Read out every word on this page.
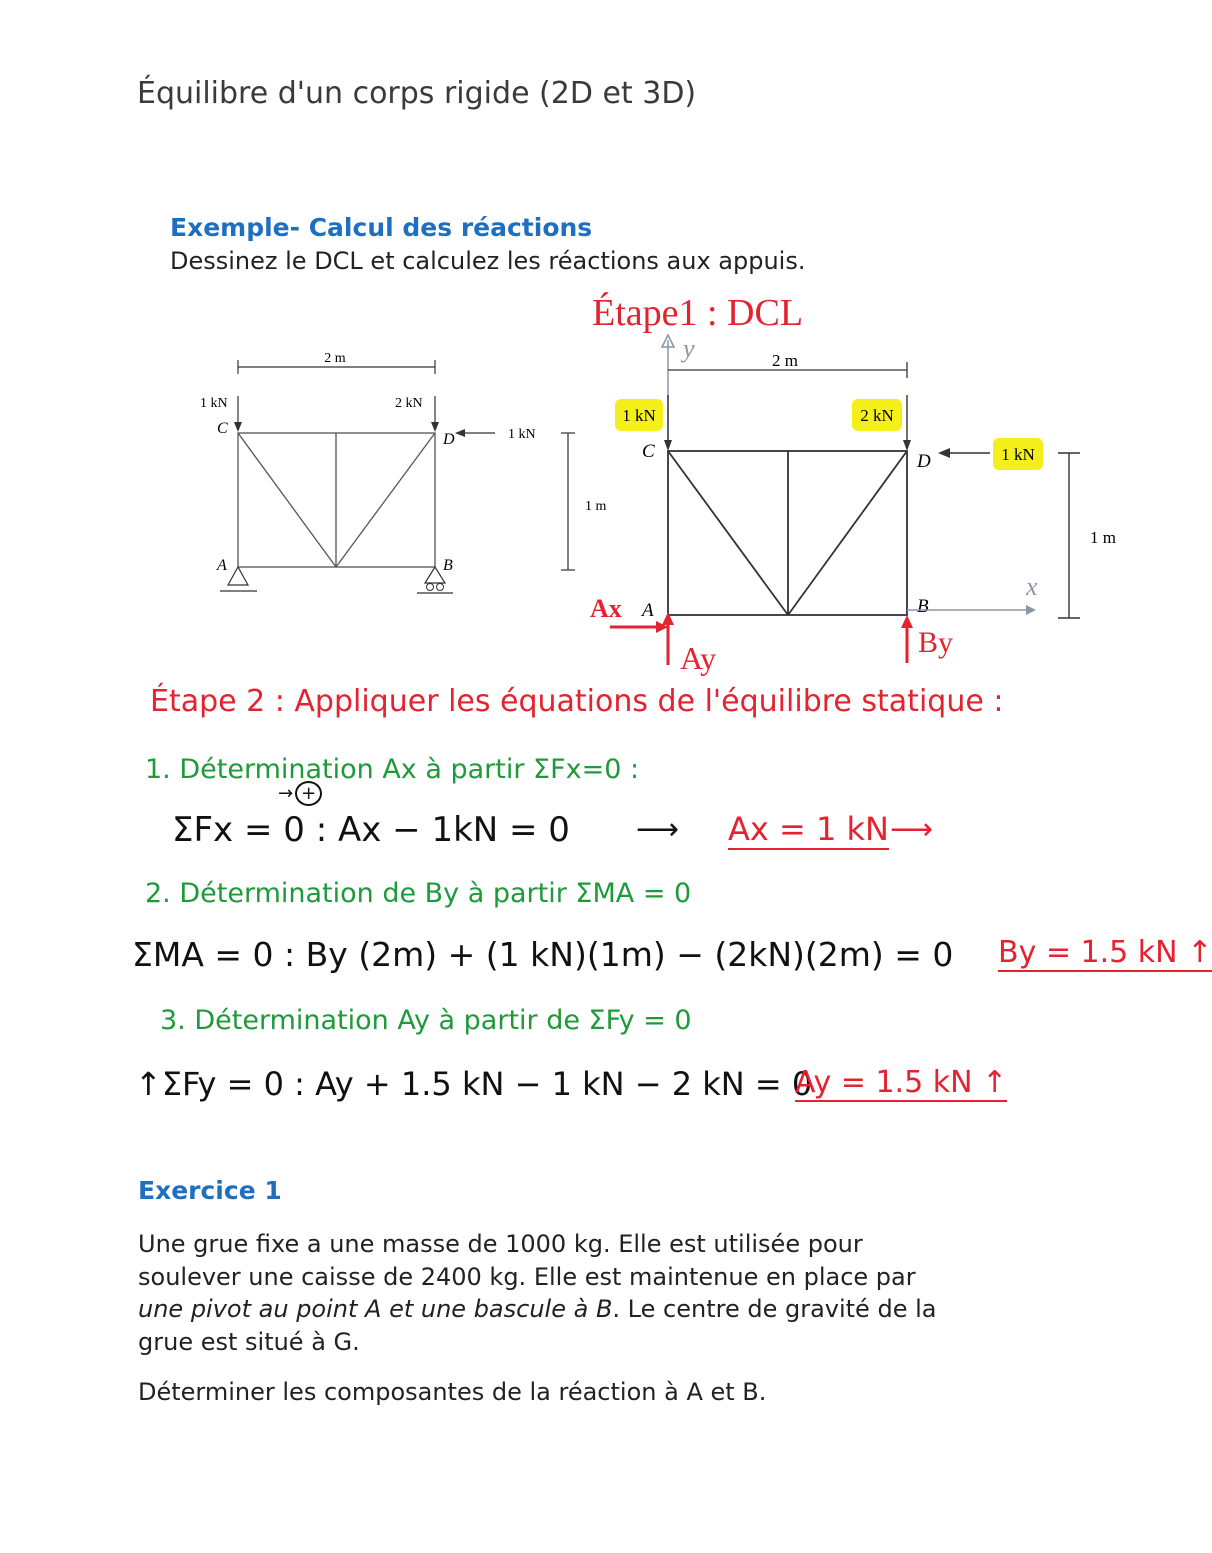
Équilibre d'un corps rigide (2D et 3D)
Exemple- Calcul des réactions
Dessinez le DCL et calculez les réactions aux appuis.
2 m
1 kN	2 kN
1 kN
C
D
A	B
1 m
Étape1 : DCL
y	2 m
1 kN	2 kN
1 kN
C	D
A	B
1 m
x
Ax
Ay	By
Étape 2 : Appliquer les équations de l'équilibre statique :
1. Détermination Ax à partir ΣFx=0 :
→ +
ΣFx = 0 : Ax − 1kN = 0 ⟶ Ax = 1 kN ⟶
2. Détermination de By à partir ΣMA = 0
ΣMA = 0 : By (2m) + (1 kN)(1m) − (2kN)(2m) = 0 By = 1.5 kN ↑
3. Détermination Ay à partir de ΣFy = 0
↑ΣFy = 0 : Ay + 1.5 kN − 1 kN − 2 kN = 0
Ay = 1.5 kN ↑
Exercice 1
Une grue fixe a une masse de 1000 kg. Elle est utilisée pour soulever une caisse de 2400 kg. Elle est maintenue en place par une pivot au point A et une bascule à B. Le centre de gravité de la grue est situé à G.
Déterminer les composantes de la réaction à A et B.
